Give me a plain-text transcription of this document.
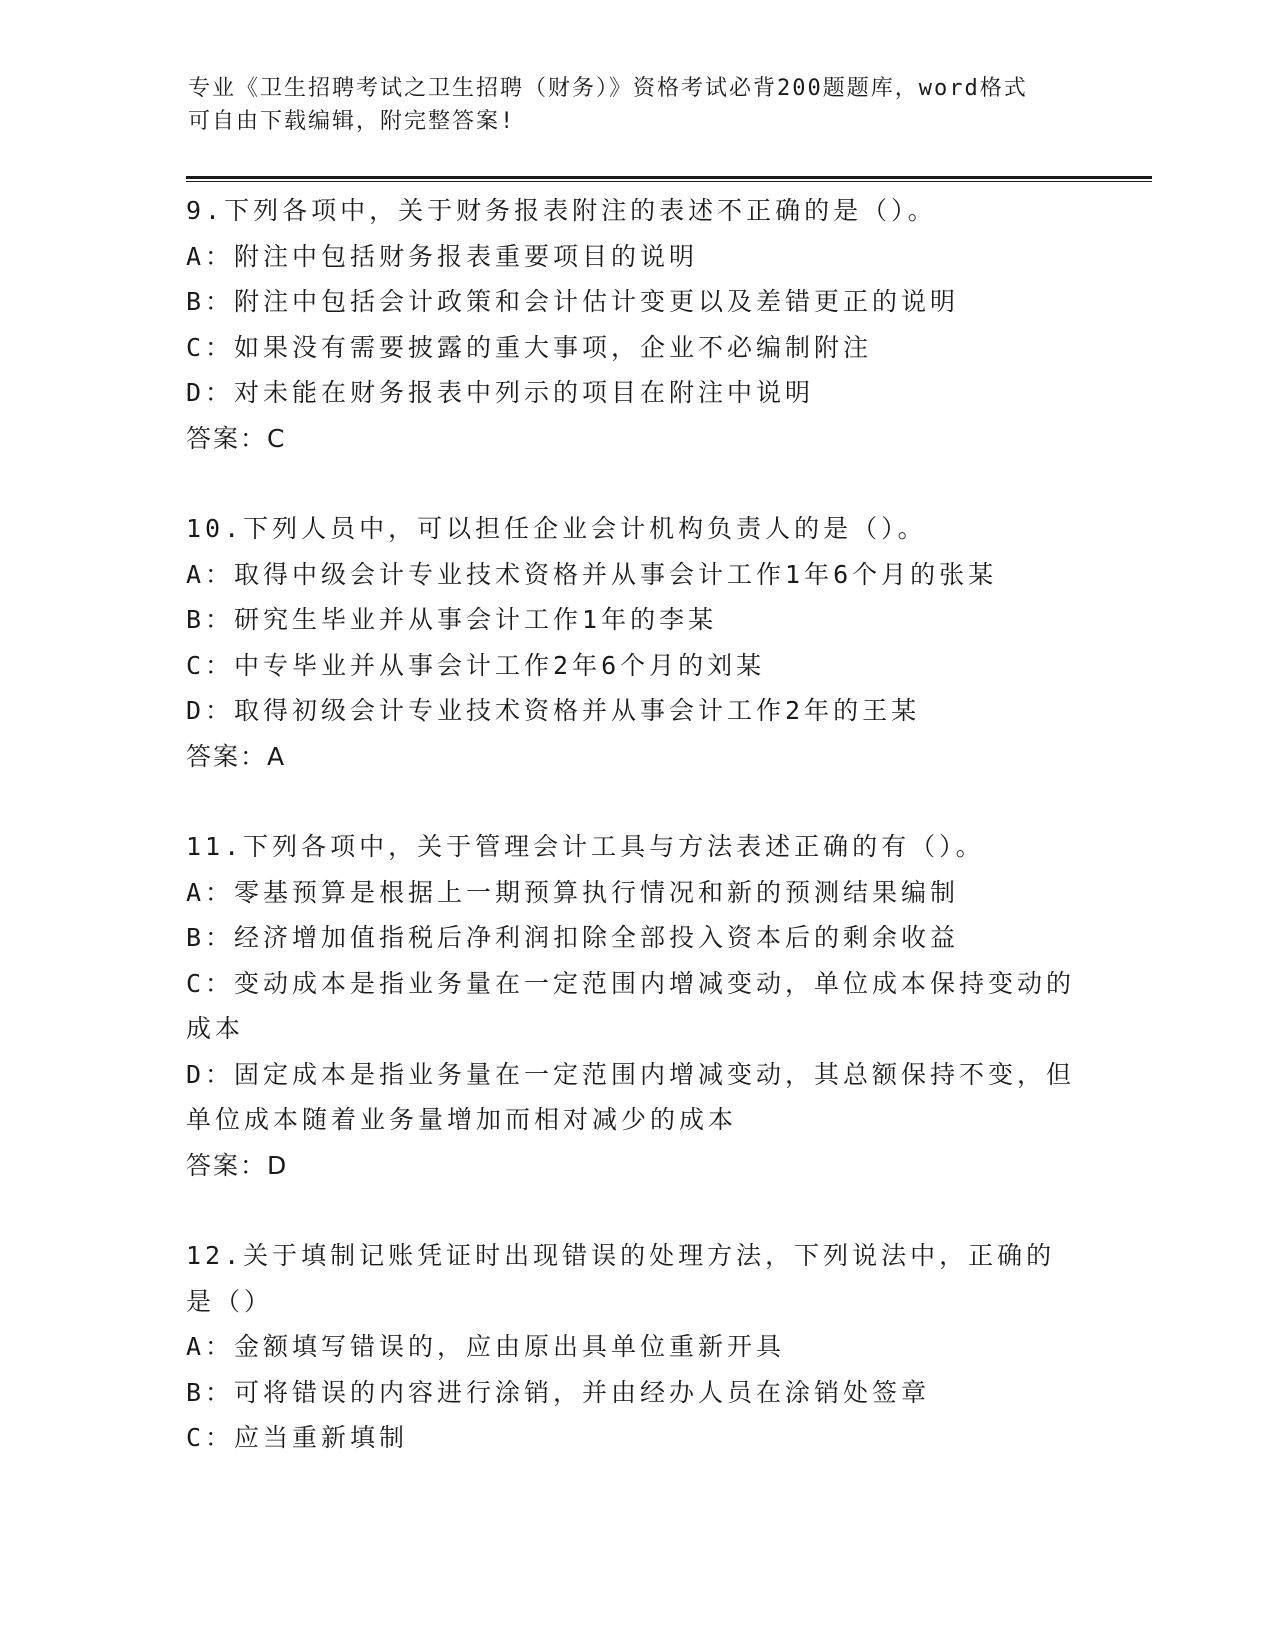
专业《卫生招聘考试之卫生招聘（财务）》资格考试必背200题题库，word格式
可自由下载编辑，附完整答案!

9.下列各项中，关于财务报表附注的表述不正确的是（）。

A：附注中包括财务报表重要项目的说明

B：附注中包括会计政策和会计估计变更以及差错更正的说明

C：如果没有需要披露的重大事项，企业不必编制附注

D：对未能在财务报表中列示的项目在附注中说明

答案：C

10.下列人员中，可以担任企业会计机构负责人的是（）。

A：取得中级会计专业技术资格并从事会计工作1年6个月的张某

B：研究生毕业并从事会计工作1年的李某

C：中专毕业并从事会计工作2年6个月的刘某

D：取得初级会计专业技术资格并从事会计工作2年的王某

答案：A

11.下列各项中，关于管理会计工具与方法表述正确的有（）。

A：零基预算是根据上一期预算执行情况和新的预测结果编制

B：经济增加值指税后净利润扣除全部投入资本后的剩余收益

C：变动成本是指业务量在一定范围内增减变动，单位成本保持变动的成本

D：固定成本是指业务量在一定范围内增减变动，其总额保持不变，但单位成本随着业务量增加而相对减少的成本

答案：D

12.关于填制记账凭证时出现错误的处理方法，下列说法中，正确的是（）

A：金额填写错误的，应由原出具单位重新开具

B：可将错误的内容进行涂销，并由经办人员在涂销处签章

C：应当重新填制
